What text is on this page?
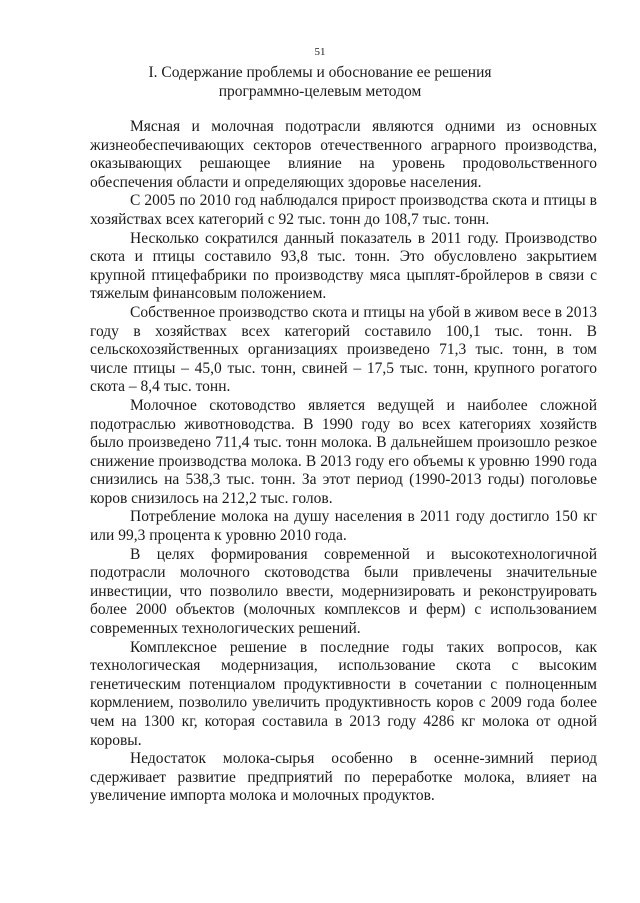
51
I. Содержание проблемы и обоснование ее решения
программно-целевым методом

Мясная и молочная подотрасли являются одними из основных жизнеобеспечивающих секторов отечественного аграрного производства, оказывающих решающее влияние на уровень продовольственного обеспечения области и определяющих здоровье населения.

С 2005 по 2010 год наблюдался прирост производства скота и птицы в хозяйствах всех категорий с 92 тыс. тонн до 108,7 тыс. тонн.

Несколько сократился данный показатель в 2011 году. Производство скота и птицы составило 93,8 тыс. тонн. Это обусловлено закрытием крупной птицефабрики по производству мяса цыплят-бройлеров в связи с тяжелым финансовым положением.

Собственное производство скота и птицы на убой в живом весе в 2013 году в хозяйствах всех категорий составило 100,1 тыс. тонн. В сельскохозяйственных организациях произведено 71,3 тыс. тонн, в том числе птицы – 45,0 тыс. тонн, свиней – 17,5 тыс. тонн, крупного рогатого скота – 8,4 тыс. тонн.

Молочное скотоводство является ведущей и наиболее сложной подотраслью животноводства. В 1990 году во всех категориях хозяйств было произведено 711,4 тыс. тонн молока. В дальнейшем произошло резкое снижение производства молока. В 2013 году его объемы к уровню 1990 года снизились на 538,3 тыс. тонн. За этот период (1990-2013 годы) поголовье коров снизилось на 212,2 тыс. голов.

Потребление молока на душу населения в 2011 году достигло 150 кг или 99,3 процента к уровню 2010 года.

В целях формирования современной и высокотехнологичной подотрасли молочного скотоводства были привлечены значительные инвестиции, что позволило ввести, модернизировать и реконструировать более 2000 объектов (молочных комплексов и ферм) с использованием современных технологических решений.

Комплексное решение в последние годы таких вопросов, как технологическая модернизация, использование скота с высоким генетическим потенциалом продуктивности в сочетании с полноценным кормлением, позволило увеличить продуктивность коров с 2009 года более чем на 1300 кг, которая составила в 2013 году 4286 кг молока от одной коровы.

Недостаток молока-сырья особенно в осенне-зимний период сдерживает развитие предприятий по переработке молока, влияет на увеличение импорта молока и молочных продуктов.
